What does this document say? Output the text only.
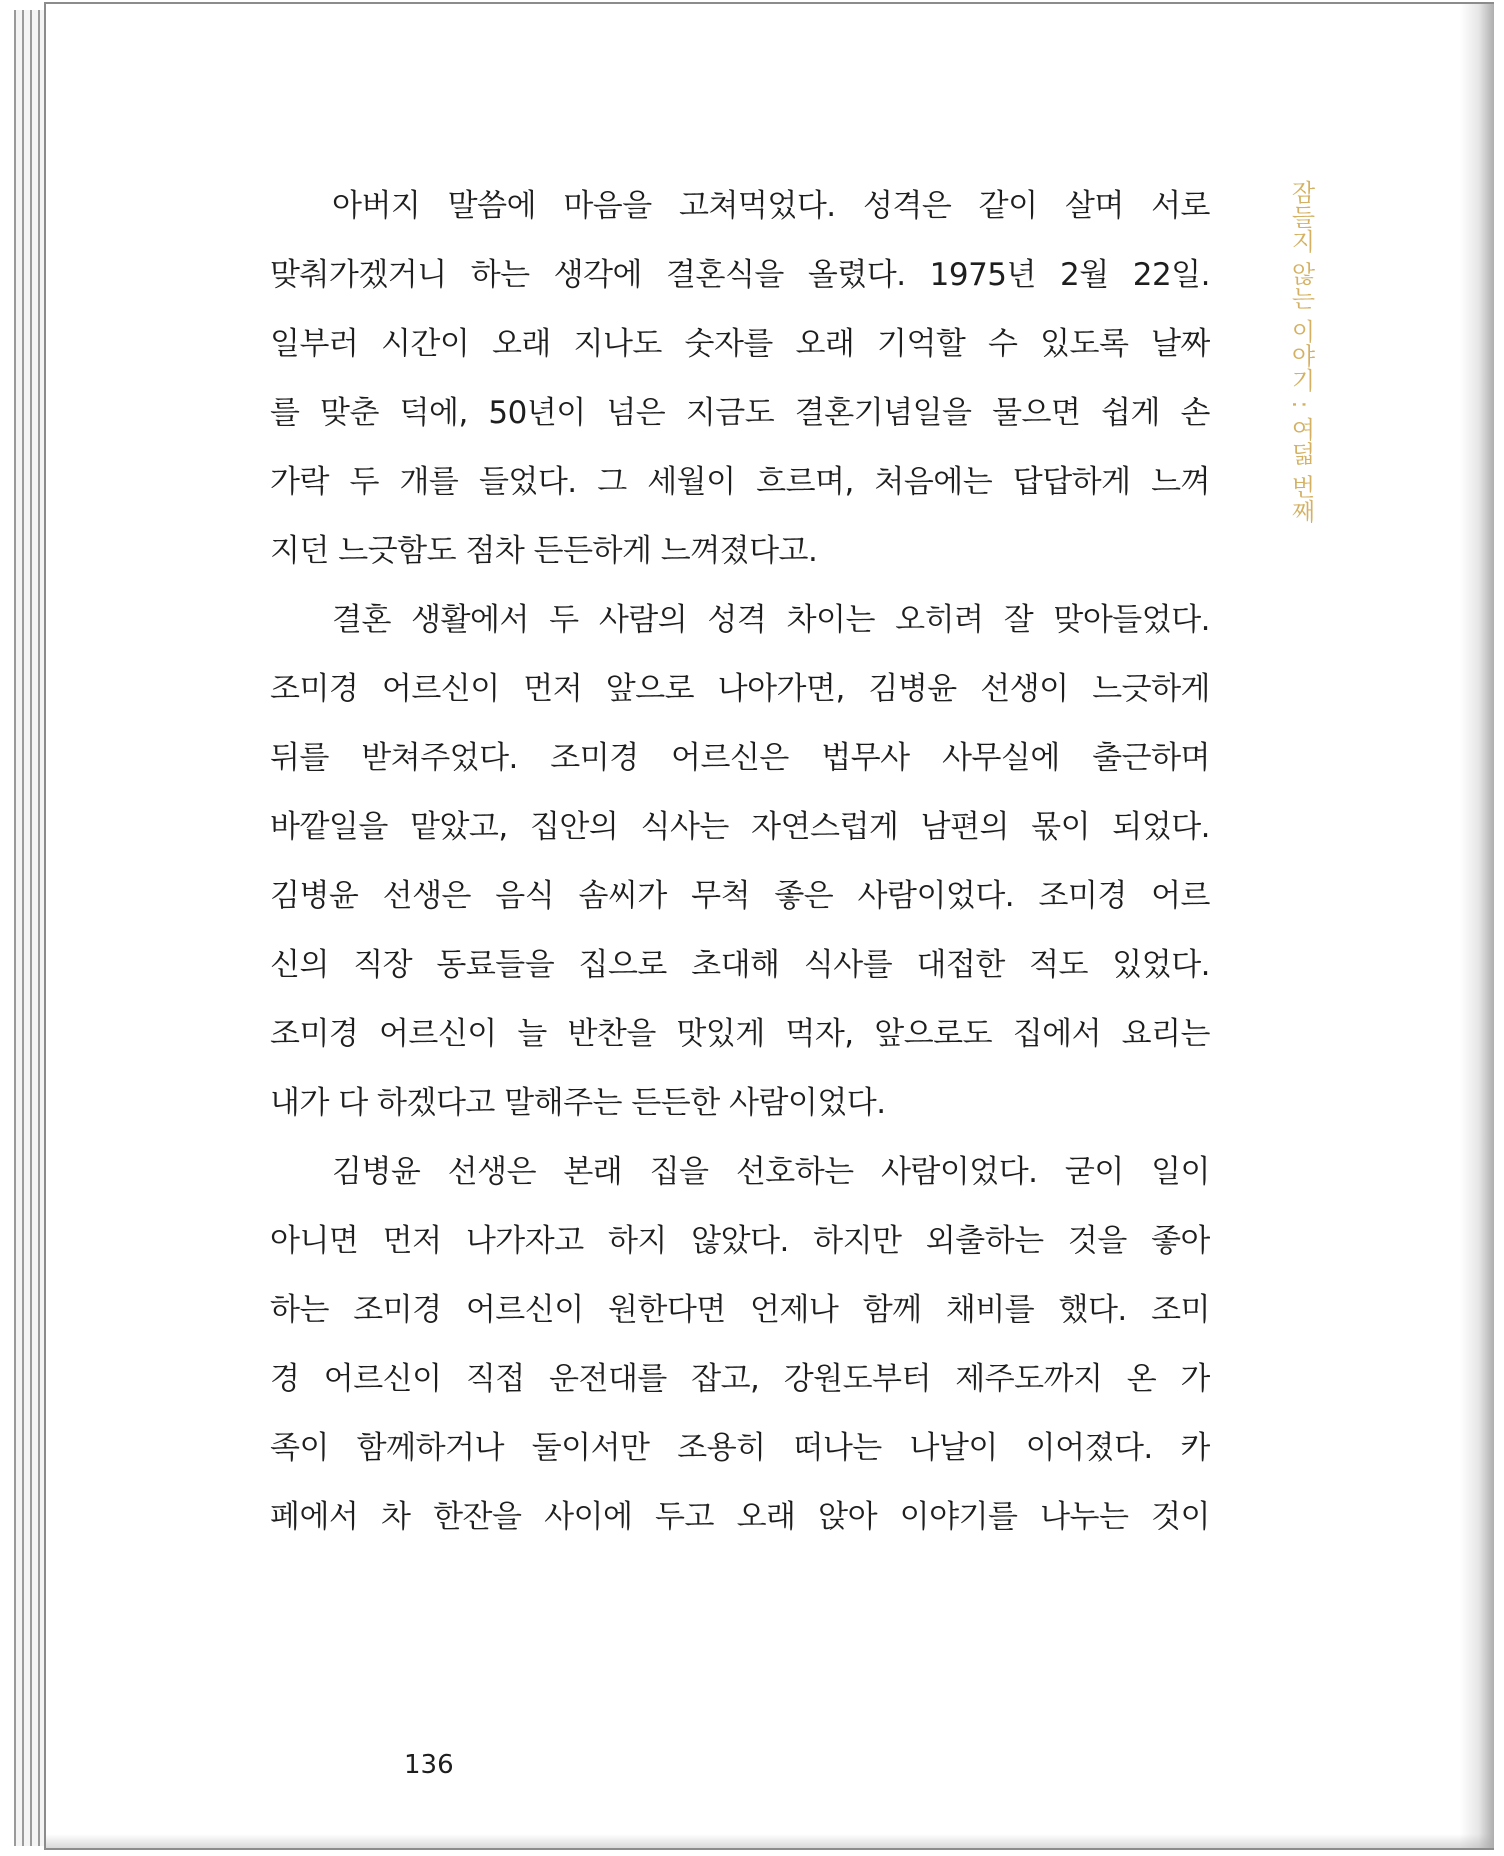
아버지 말씀에 마음을 고쳐먹었다. 성격은 같이 살며 서로
맞춰가겠거니 하는 생각에 결혼식을 올렸다. 1975년 2월 22일.
일부러 시간이 오래 지나도 숫자를 오래 기억할 수 있도록 날짜
를 맞춘 덕에, 50년이 넘은 지금도 결혼기념일을 물으면 쉽게 손
가락 두 개를 들었다. 그 세월이 흐르며, 처음에는 답답하게 느껴
지던 느긋함도 점차 든든하게 느껴졌다고.
결혼 생활에서 두 사람의 성격 차이는 오히려 잘 맞아들었다.
조미경 어르신이 먼저 앞으로 나아가면, 김병윤 선생이 느긋하게
뒤를 받쳐주었다. 조미경 어르신은 법무사 사무실에 출근하며
바깥일을 맡았고, 집안의 식사는 자연스럽게 남편의 몫이 되었다.
김병윤 선생은 음식 솜씨가 무척 좋은 사람이었다. 조미경 어르
신의 직장 동료들을 집으로 초대해 식사를 대접한 적도 있었다.
조미경 어르신이 늘 반찬을 맛있게 먹자, 앞으로도 집에서 요리는
내가 다 하겠다고 말해주는 든든한 사람이었다.
김병윤 선생은 본래 집을 선호하는 사람이었다. 굳이 일이
아니면 먼저 나가자고 하지 않았다. 하지만 외출하는 것을 좋아
하는 조미경 어르신이 원한다면 언제나 함께 채비를 했다. 조미
경 어르신이 직접 운전대를 잡고, 강원도부터 제주도까지 온 가
족이 함께하거나 둘이서만 조용히 떠나는 나날이 이어졌다. 카
페에서 차 한잔을 사이에 두고 오래 앉아 이야기를 나누는 것이
잠들지 않는 이야기 : 여덟 번째
136
